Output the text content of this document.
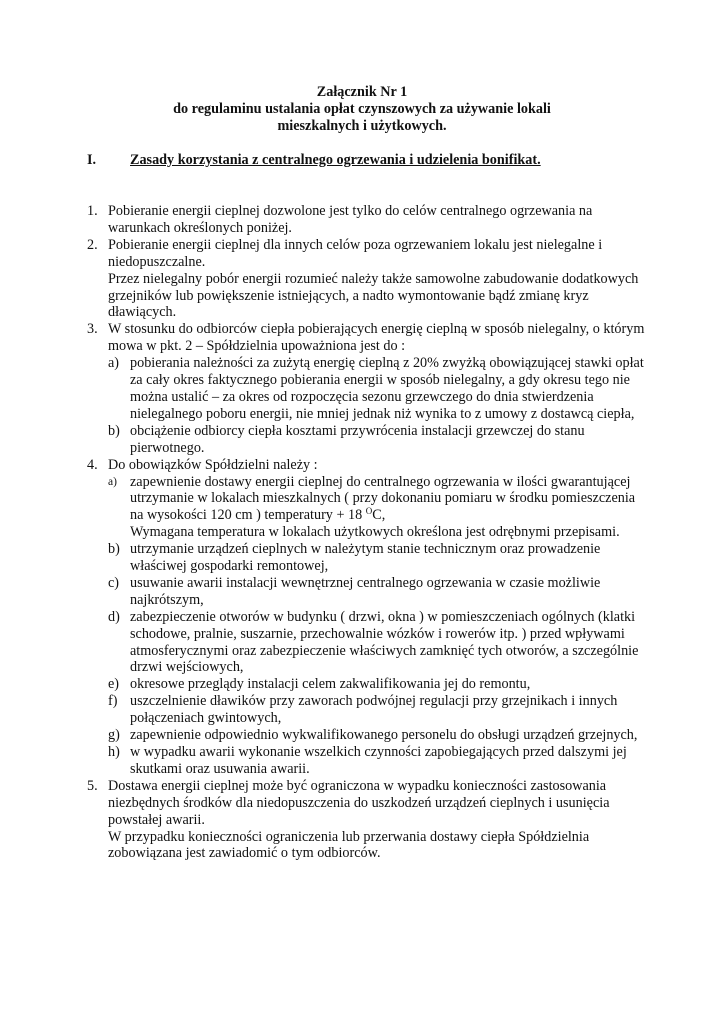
Załącznik Nr 1
do regulaminu ustalania opłat czynszowych za używanie lokali
mieszkalnych i użytkowych.
I. Zasady korzystania z centralnego ogrzewania i udzielenia bonifikat.
1. Pobieranie energii cieplnej dozwolone jest tylko do celów centralnego ogrzewania na warunkach określonych poniżej.
2. Pobieranie energii cieplnej dla innych celów poza ogrzewaniem lokalu jest nielegalne i niedopuszczalne.
Przez nielegalny pobór energii rozumieć należy także samowolne zabudowanie dodatkowych grzejników lub powiększenie istniejących, a nadto wymontowanie bądź zmianę kryz dławiących.
3. W stosunku do odbiorców ciepła pobierających energię cieplną w sposób nielegalny, o którym mowa w pkt. 2 – Spółdzielnia upoważniona jest do :
a) pobierania należności za zużytą energię cieplną z 20% zwyżką obowiązującej stawki opłat za cały okres faktycznego pobierania energii w sposób nielegalny, a gdy okresu tego nie można ustalić – za okres od rozpoczęcia sezonu grzewczego do dnia stwierdzenia nielegalnego poboru energii, nie mniej jednak niż wynika to z umowy z dostawcą ciepła,
b) obciążenie odbiorcy ciepła kosztami przywrócenia instalacji grzewczej do stanu pierwotnego.
4. Do obowiązków Spółdzielni należy :
a) zapewnienie dostawy energii cieplnej do centralnego ogrzewania w ilości gwarantującej utrzymanie w lokalach mieszkalnych ( przy dokonaniu pomiaru w środku pomieszczenia na wysokości 120 cm ) temperatury + 18 $^O$C,
Wymagana temperatura w lokalach użytkowych określona jest odrębnymi przepisami.
b) utrzymanie urządzeń cieplnych w należytym stanie technicznym oraz prowadzenie właściwej gospodarki remontowej,
c) usuwanie awarii instalacji wewnętrznej centralnego ogrzewania w czasie możliwie najkrótszym,
d) zabezpieczenie otworów w budynku ( drzwi, okna ) w pomieszczeniach ogólnych (klatki schodowe, pralnie, suszarnie, przechowalnie wózków i rowerów itp. ) przed wpływami atmosferycznymi oraz zabezpieczenie właściwych zamknięć tych otworów, a szczególnie drzwi wejściowych,
e) okresowe przeglądy instalacji celem zakwalifikowania jej do remontu,
f) uszczelnienie dławików przy zaworach podwójnej regulacji przy grzejnikach i innych połączeniach gwintowych,
g) zapewnienie odpowiednio wykwalifikowanego personelu do obsługi urządzeń grzejnych,
h) w wypadku awarii wykonanie wszelkich czynności zapobiegających przed dalszymi jej skutkami oraz usuwania awarii.
5. Dostawa energii cieplnej może być ograniczona w wypadku konieczności zastosowania niezbędnych środków dla niedopuszczenia do uszkodzeń urządzeń cieplnych i usunięcia powstałej awarii.
W przypadku konieczności ograniczenia lub przerwania dostawy ciepła Spółdzielnia zobowiązana jest zawiadomić o tym odbiorców.
